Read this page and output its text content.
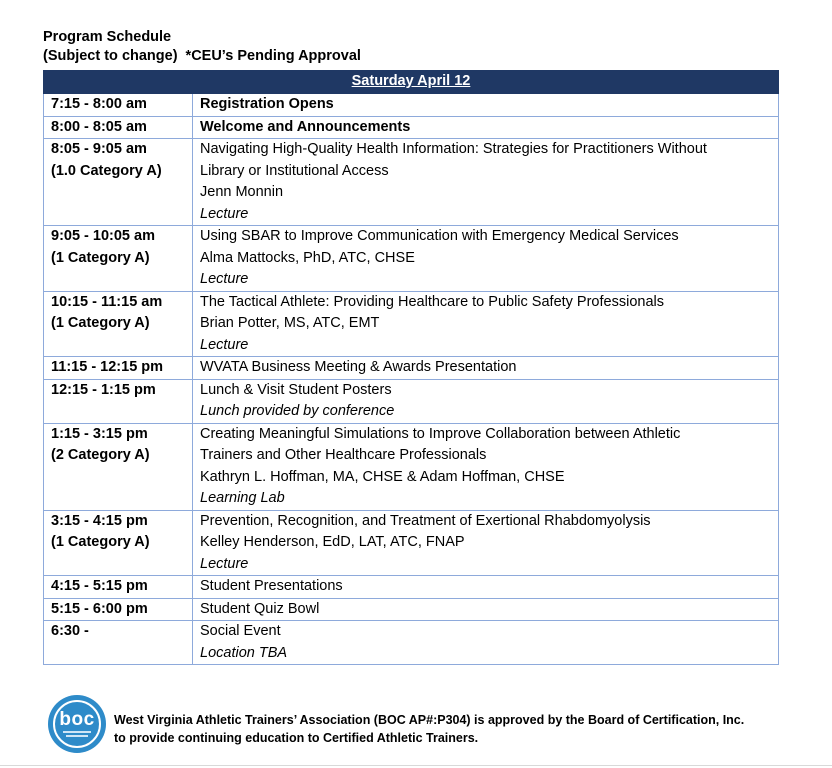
Program Schedule
(Subject to change) *CEU’s Pending Approval
Saturday April 12	

7:15 - 8:00 am	Registration Opens

8:00 - 8:05 am	Welcome and Announcements

8:05 - 9:05 am
(1.0 Category A)	Navigating High-Quality Health Information: Strategies for Practitioners Without
Library or Institutional Access
Jenn Monnin
Lecture

9:05 - 10:05 am
(1 Category A)	Using SBAR to Improve Communication with Emergency Medical Services
Alma Mattocks, PhD, ATC, CHSE
Lecture

10:15 - 11:15 am
(1 Category A)	The Tactical Athlete: Providing Healthcare to Public Safety Professionals
Brian Potter, MS, ATC, EMT
Lecture

11:15 - 12:15 pm	WVATA Business Meeting & Awards Presentation

12:15 - 1:15 pm	Lunch & Visit Student Posters
Lunch provided by conference

1:15 - 3:15 pm
(2 Category A)	Creating Meaningful Simulations to Improve Collaboration between Athletic
Trainers and Other Healthcare Professionals
Kathryn L. Hoffman, MA, CHSE & Adam Hoffman, CHSE
Learning Lab

3:15 - 4:15 pm
(1 Category A)	Prevention, Recognition, and Treatment of Exertional Rhabdomyolysis
Kelley Henderson, EdD, LAT, ATC, FNAP
Lecture

4:15 - 5:15 pm	Student Presentations

5:15 - 6:00 pm	Student Quiz Bowl

6:30 -	Social Event
Location TBA
boc	West Virginia Athletic Trainers’ Association (BOC AP#:P304) is approved by the Board of Certification, Inc.
to provide continuing education to Certified Athletic Trainers.
